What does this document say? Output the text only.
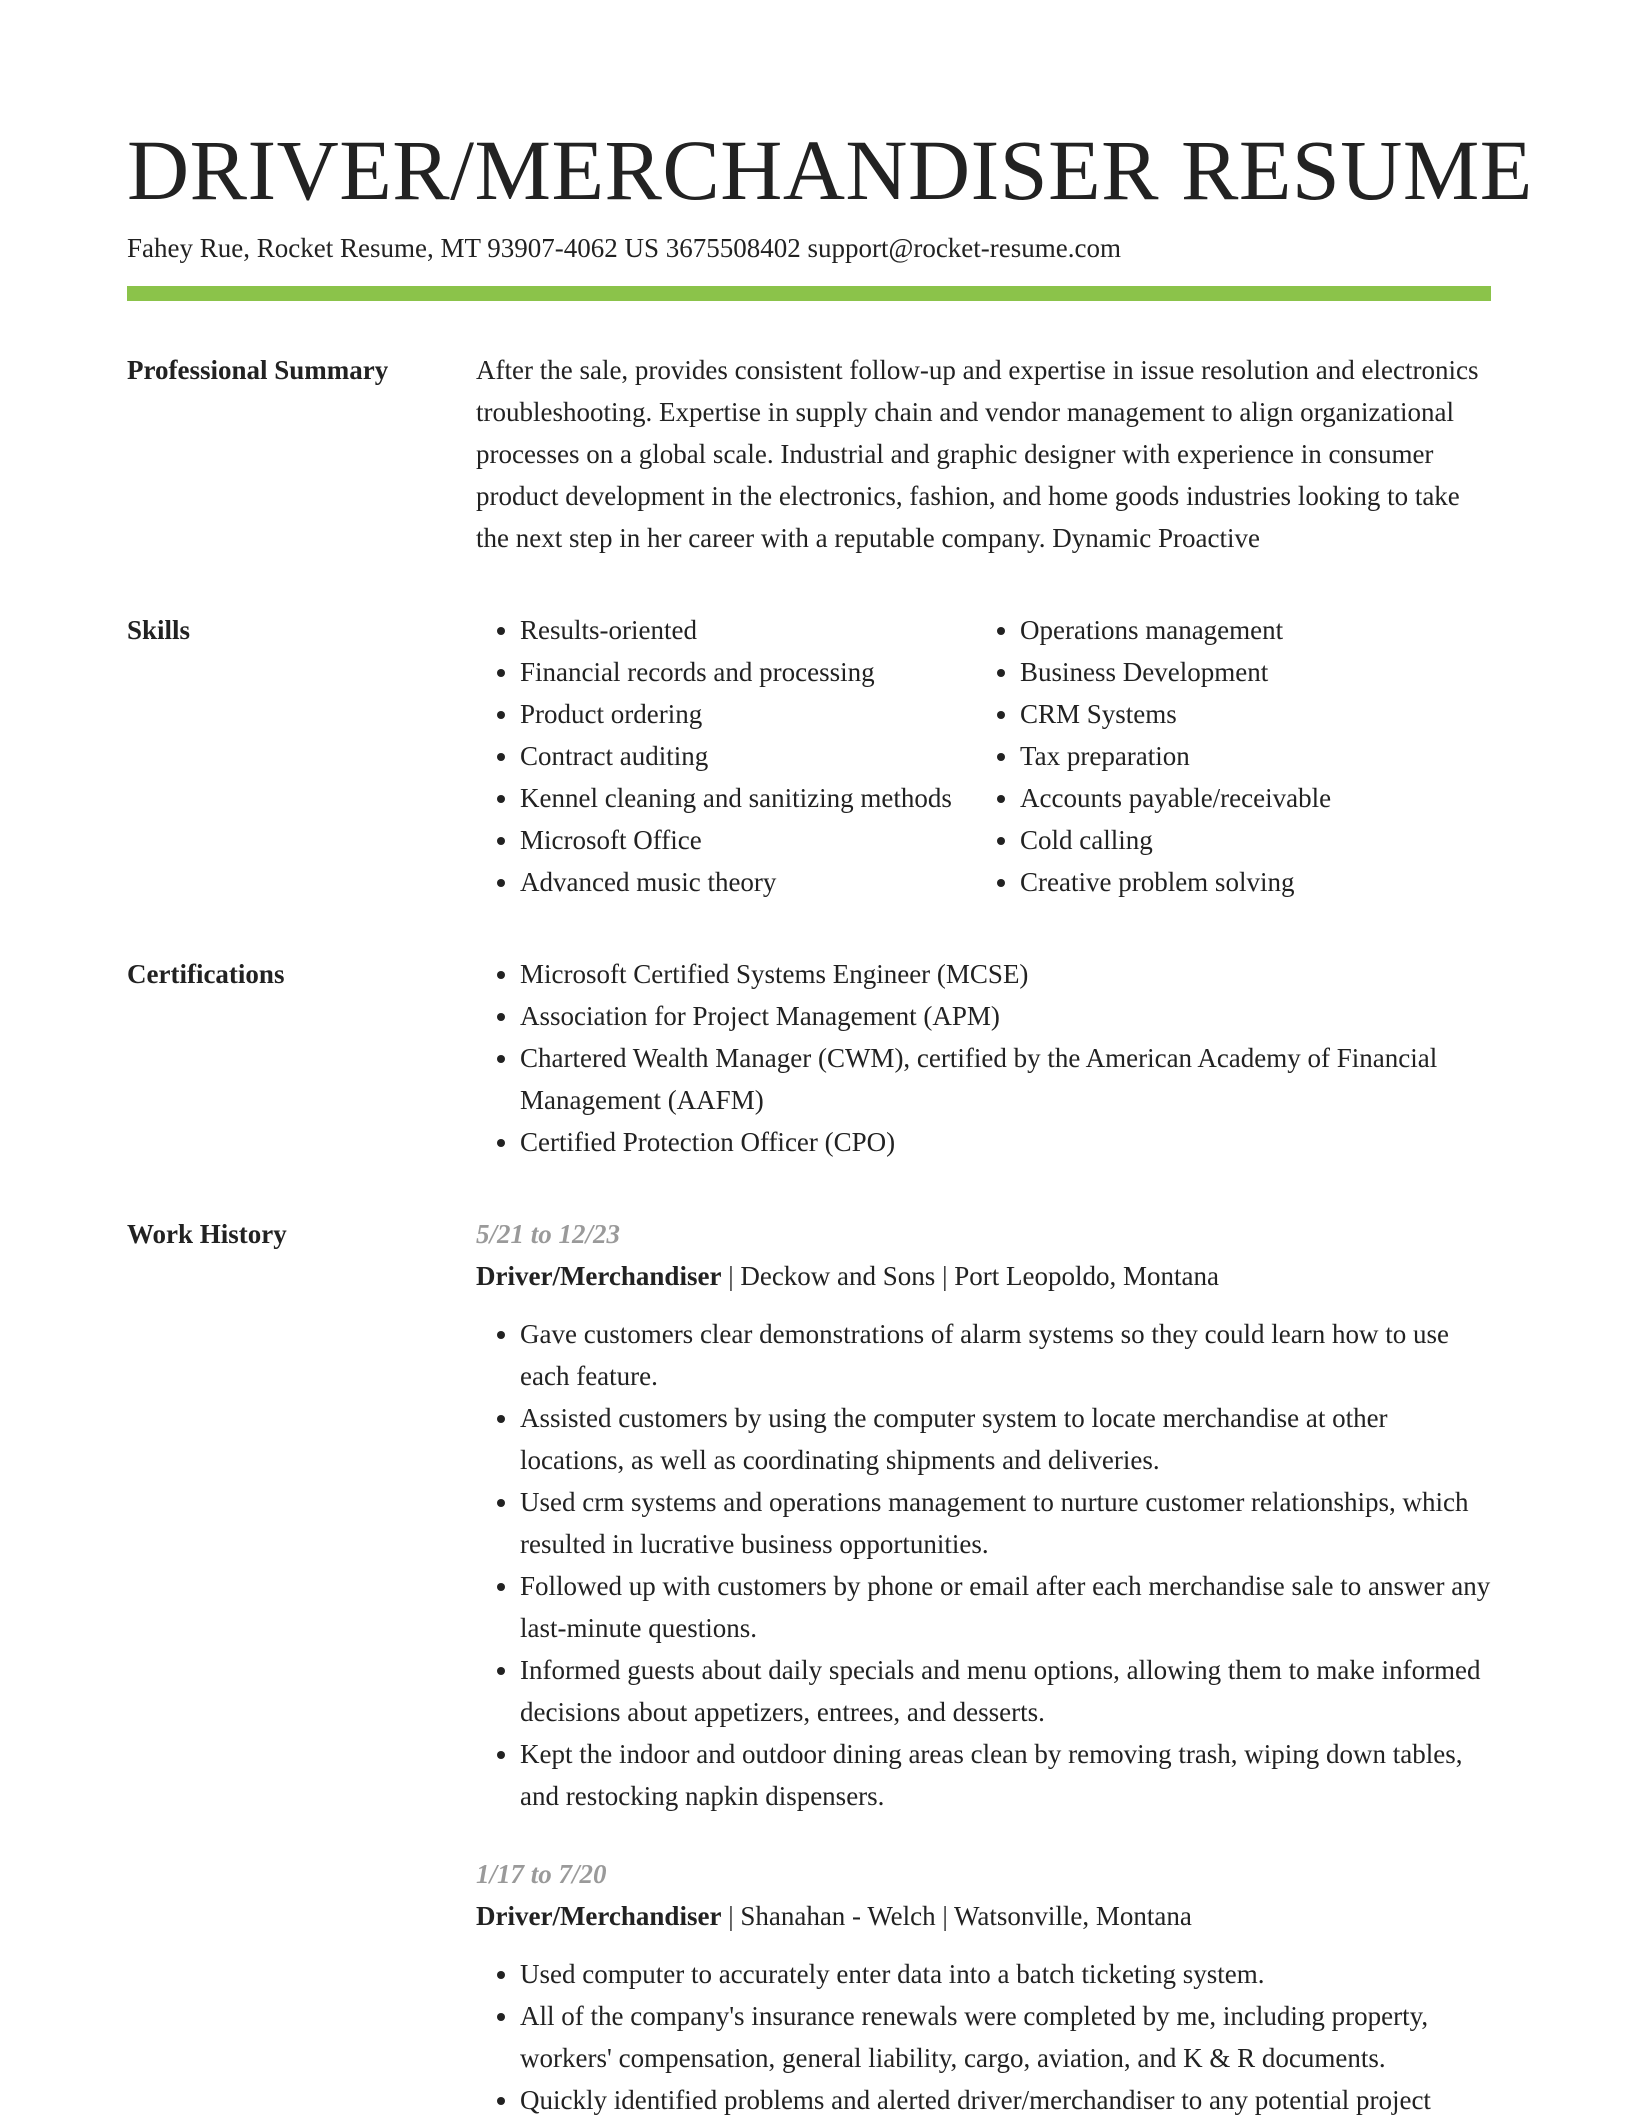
DRIVER/MERCHANDISER RESUME
Fahey Rue, Rocket Resume, MT 93907-4062 US 3675508402 support@rocket-resume.com
Professional Summary	After the sale, provides consistent follow-up and expertise in issue resolution and electronics troubleshooting. Expertise in supply chain and vendor management to align organizational processes on a global scale. Industrial and graphic designer with experience in consumer product development in the electronics, fashion, and home goods industries looking to take the next step in her career with a reputable company. Dynamic Proactive

Skills	• Results-oriented
• Financial records and processing
• Product ordering
• Contract auditing
• Kennel cleaning and sanitizing methods
• Microsoft Office
• Advanced music theory
• Operations management
• Business Development
• CRM Systems
• Tax preparation
• Accounts payable/receivable
• Cold calling
• Creative problem solving
Certifications	• Microsoft Certified Systems Engineer (MCSE)
• Association for Project Management (APM)
• Chartered Wealth Manager (CWM), certified by the American Academy of Financial Management (AAFM)
• Certified Protection Officer (CPO)
Work History	5/21 to 12/23
Driver/Merchandiser | Deckow and Sons | Port Leopoldo, Montana
• Gave customers clear demonstrations of alarm systems so they could learn how to use each feature.
• Assisted customers by using the computer system to locate merchandise at other locations, as well as coordinating shipments and deliveries.
• Used crm systems and operations management to nurture customer relationships, which resulted in lucrative business opportunities.
• Followed up with customers by phone or email after each merchandise sale to answer any last-minute questions.
• Informed guests about daily specials and menu options, allowing them to make informed decisions about appetizers, entrees, and desserts.
• Kept the indoor and outdoor dining areas clean by removing trash, wiping down tables, and restocking napkin dispensers.
1/17 to 7/20
Driver/Merchandiser | Shanahan - Welch | Watsonville, Montana
• Used computer to accurately enter data into a batch ticketing system.
• All of the company's insurance renewals were completed by me, including property, workers' compensation, general liability, cargo, aviation, and K & R documents.
• Quickly identified problems and alerted driver/merchandiser to any potential project
